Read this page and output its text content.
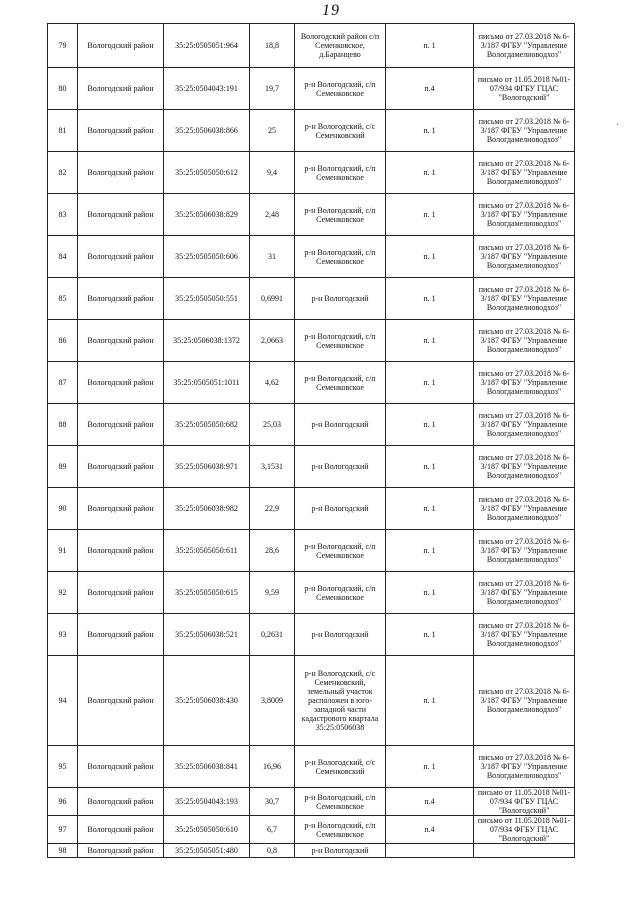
19
·
79	Вологодский район	35:25:0505051:964	18,8	Вологодский район с/п Семенковское, д.Баранцево	п. 1	письмо от 27.03.2018 № 6-3/187 ФГБУ "Управление Вологдамелиоводхоз"
80	Вологодский район	35:25:0504043:191	19,7	р-н Вологодский, с/п Семенковское	п.4	письмо от 11.05.2018 №01-07/934 ФГБУ ГЦАС "Вологодский"
81	Вологодский район	35:25:0506038:866	25	р-н Вологодский, с/с Семенковский	п. 1	письмо от 27.03.2018 № 6-3/187 ФГБУ "Управление Вологдамелиоводхоз"
82	Вологодский район	35:25:0505050:612	9,4	р-н Вологодский, с/п Семенковское	п. 1	письмо от 27.03.2018 № 6-3/187 ФГБУ "Управление Вологдамелиоводхоз"
83	Вологодский район	35:25:0506038:829	2,48	р-н Вологодский, с/п Семенковское	п. 1	письмо от 27.03.2018 № 6-3/187 ФГБУ "Управление Вологдамелиоводхоз"
84	Вологодский район	35:25:0505050:606	31	р-н Вологодский, с/п Семенковское	п. 1	письмо от 27.03.2018 № 6-3/187 ФГБУ "Управление Вологдамелиоводхоз"
85	Вологодский район	35:25:0505050:551	0,6991	р-н Вологодский	п. 1	письмо от 27.03.2018 № 6-3/187 ФГБУ "Управление Вологдамелиоводхоз"
86	Вологодский район	35:25:0506038:1372	2,0663	р-н Вологодский, с/п Семенковское	п. 1	письмо от 27.03.2018 № 6-3/187 ФГБУ "Управление Вологдамелиоводхоз"
87	Вологодский район	35:25:0505051:1011	4,62	р-н Вологодский, с/п Семенковское	п. 1	письмо от 27.03.2018 № 6-3/187 ФГБУ "Управление Вологдамелиоводхоз"
88	Вологодский район	35:25:0505050:682	25,03	р-н Вологодский	п. 1	письмо от 27.03.2018 № 6-3/187 ФГБУ "Управление Вологдамелиоводхоз"
89	Вологодский район	35:25:0506038:971	3,1531	р-н Вологодский	п. 1	письмо от 27.03.2018 № 6-3/187 ФГБУ "Управление Вологдамелиоводхоз"
90	Вологодский район	35:25:0506038:982	22,9	р-н Вологодский	п. 1	письмо от 27.03.2018 № 6-3/187 ФГБУ "Управление Вологдамелиоводхоз"
91	Вологодский район	35:25:0505050:611	28,6	р-н Вологодский, с/п Семенковское	п. 1	письмо от 27.03.2018 № 6-3/187 ФГБУ "Управление Вологдамелиоводхоз"
92	Вологодский район	35:25:0505050:615	9,59	р-н Вологодский, с/п Семенковское	п. 1	письмо от 27.03.2018 № 6-3/187 ФГБУ "Управление Вологдамелиоводхоз"
93	Вологодский район	35:25:0506038:521	0,2631	р-н Вологодский	п. 1	письмо от 27.03.2018 № 6-3/187 ФГБУ "Управление Вологдамелиоводхоз"
94	Вологодский район	35:25:0506038:430	3,8009	р-н Вологодский, с/с Семенковский, земельный участок расположен в юго-западной части кадастрового квартала 35:25:0506038	п. 1	письмо от 27.03.2018 № 6-3/187 ФГБУ "Управление Вологдамелиоводхоз"
95	Вологодский район	35:25:0506038:841	16,96	р-н Вологодский, с/с Семенковский	п. 1	письмо от 27.03.2018 № 6-3/187 ФГБУ "Управление Вологдамелиоводхоз"
96	Вологодский район	35:25:0504043:193	30,7	р-н Вологодский, с/п Семенковское	п.4	письмо от 11.05.2018 №01-07/934 ФГБУ ГЦАС "Вологодский"
97	Вологодский район	35:25:0505050:610	6,7	р-н Вологодский, с/п Семенковское	п.4	письмо от 11.05.2018 №01-07/934 ФГБУ ГЦАС "Вологодский"
98	Вологодский район	35:25:0505051:480	0,8	р-н Вологодский		
